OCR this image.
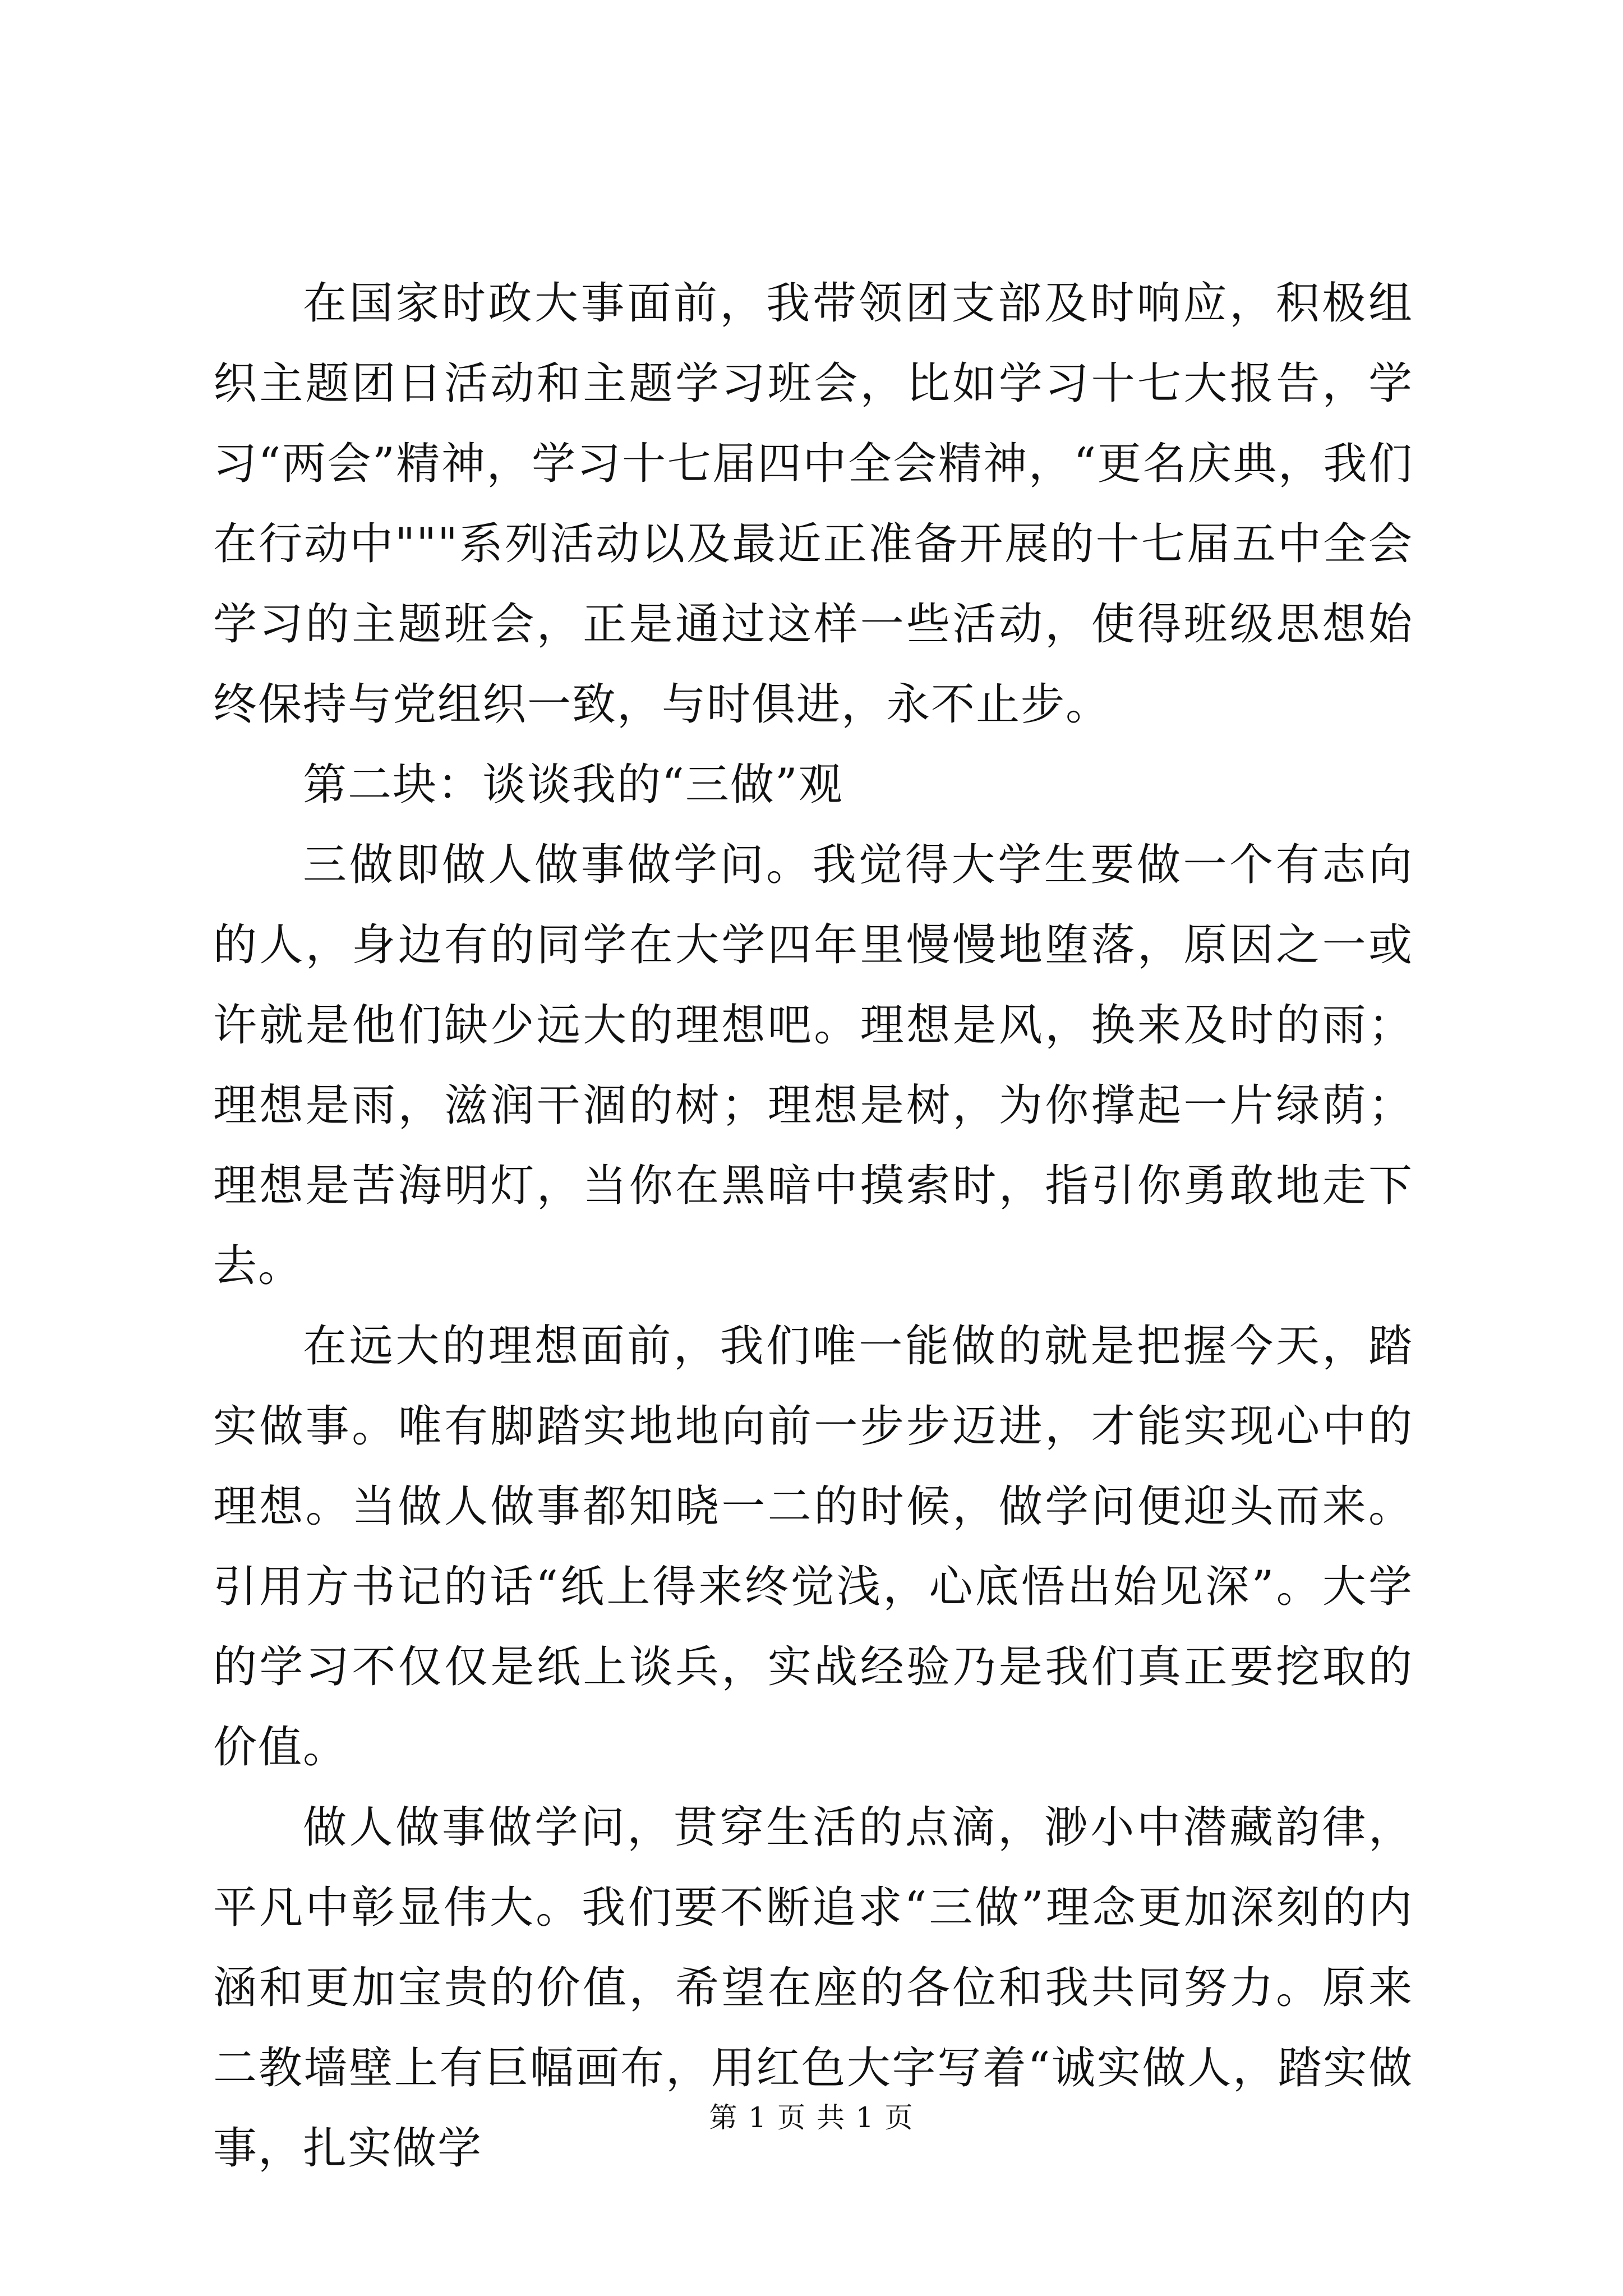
在国家时政大事面前，我带领团支部及时响应，积极组织主题团日活动和主题学习班会，比如学习十七大报告，学习“两会”精神，学习十七届四中全会精神，“更名庆典，我们在行动中"""系列活动以及最近正准备开展的十七届五中全会学习的主题班会，正是通过这样一些活动，使得班级思想始终保持与党组织一致，与时俱进，永不止步。

第二块：谈谈我的“三做”观

三做即做人做事做学问。我觉得大学生要做一个有志向的人，身边有的同学在大学四年里慢慢地堕落，原因之一或许就是他们缺少远大的理想吧。理想是风，换来及时的雨；理想是雨，滋润干涸的树；理想是树，为你撑起一片绿荫；理想是苦海明灯，当你在黑暗中摸索时，指引你勇敢地走下去。

在远大的理想面前，我们唯一能做的就是把握今天，踏实做事。唯有脚踏实地地向前一步步迈进，才能实现心中的理想。当做人做事都知晓一二的时候，做学问便迎头而来。引用方书记的话“纸上得来终觉浅，心底悟出始见深”。大学的学习不仅仅是纸上谈兵，实战经验乃是我们真正要挖取的价值。

做人做事做学问，贯穿生活的点滴，渺小中潜藏韵律，平凡中彰显伟大。我们要不断追求“三做”理念更加深刻的内涵和更加宝贵的价值，希望在座的各位和我共同努力。原来二教墙壁上有巨幅画布，用红色大字写着“诚实做人，踏实做事，扎实做学

第 1 页 共 1 页
